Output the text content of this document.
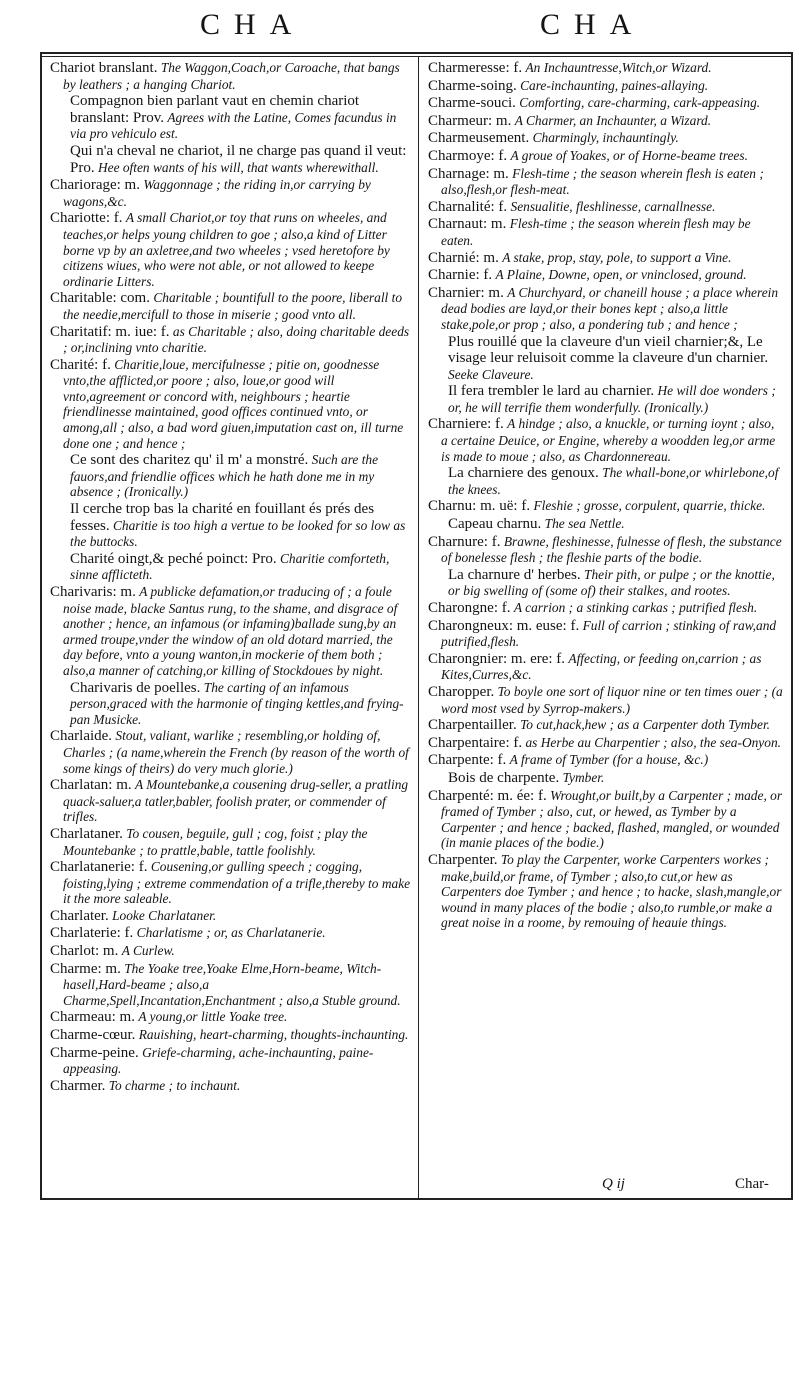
CHA	CHA

Chariot branslant. The Waggon,Coach,or Caroache, that bangs by leathers ; a hanging Chariot.

Compagnon bien parlant vaut en chemin chariot branslant: Prov. Agrees with the Latine, Comes facundus in via pro vehiculo est.

Qui n'a cheval ne chariot, il ne charge pas quand il veut: Pro. Hee often wants of his will, that wants wherewithall.

Chariorage: m. Waggonnage ; the riding in,or carrying by wagons,&c.

Chariotte: f. A small Chariot,or toy that runs on wheeles, and teaches,or helps young children to goe ; also,a kind of Litter borne vp by an axletree,and two wheeles ; vsed heretofore by citizens wiues, who were not able, or not allowed to keepe ordinarie Litters.

Charitable: com. Charitable ; bountifull to the poore, liberall to the needie,mercifull to those in miserie ; good vnto all.

Charitatif: m. iue: f. as Charitable ; also, doing charitable deeds ; or,inclining vnto charitie.

Charité: f. Charitie,loue, mercifulnesse ; pitie on, goodnesse vnto,the afflicted,or poore ; also, loue,or good will vnto,agreement or concord with, neighbours ; heartie friendlinesse maintained, good offices continued vnto, or among,all ; also, a bad word giuen,imputation cast on, ill turne done one ; and hence ;

Ce sont des charitez qu' il m' a monstré. Such are the fauors,and friendlie offices which he hath done me in my absence ; (Ironically.)

Il cerche trop bas la charité en fouillant és prés des fesses. Charitie is too high a vertue to be looked for so low as the buttocks.

Charité oingt,& peché poinct: Pro. Charitie comforteth, sinne afflicteth.

Charivaris: m. A publicke defamation,or traducing of ; a foule noise made, blacke Santus rung, to the shame, and disgrace of another ; hence, an infamous (or infaming)ballade sung,by an armed troupe,vnder the window of an old dotard married, the day before, vnto a young wanton,in mockerie of them both ; also,a manner of catching,or killing of Stockdoues by night.

Charivaris de poelles. The carting of an infamous person,graced with the harmonie of tinging kettles,and frying-pan Musicke.

Charlaide. Stout, valiant, warlike ; resembling,or holding of, Charles ; (a name,wherein the French (by reason of the worth of some kings of theirs) do very much glorie.)

Charlatan: m. A Mountebanke,a cousening drug-seller, a pratling quack-saluer,a tatler,babler, foolish prater, or commender of trifles.

Charlataner. To cousen, beguile, gull ; cog, foist ; play the Mountebanke ; to prattle,bable, tattle foolishly.

Charlatanerie: f. Cousening,or gulling speech ; cogging, foisting,lying ; extreme commendation of a trifle,thereby to make it the more saleable.

Charlater. Looke Charlataner.

Charlaterie: f. Charlatisme ; or, as Charlatanerie.

Charlot: m. A Curlew.

Charme: m. The Yoake tree,Yoake Elme,Horn-beame, Witch-hasell,Hard-beame ; also,a Charme,Spell,Incantation,Enchantment ; also,a Stuble ground.

Charmeau: m. A young,or little Yoake tree.

Charme-cœur. Rauishing, heart-charming, thoughts-inchaunting.

Charme-peine. Griefe-charming, ache-inchaunting, paine-appeasing.

Charmer. To charme ; to inchaunt.

Charmeresse: f. An Inchauntresse,Witch,or Wizard.

Charme-soing. Care-inchaunting, paines-allaying.

Charme-souci. Comforting, care-charming, cark-appeasing.

Charmeur: m. A Charmer, an Inchaunter, a Wizard.

Charmeusement. Charmingly, inchauntingly.

Charmoye: f. A groue of Yoakes, or of Horne-beame trees.

Charnage: m. Flesh-time ; the season wherein flesh is eaten ; also,flesh,or flesh-meat.

Charnalité: f. Sensualitie, fleshlinesse, carnallnesse.

Charnaut: m. Flesh-time ; the season wherein flesh may be eaten.

Charnié: m. A stake, prop, stay, pole, to support a Vine.

Charnie: f. A Plaine, Downe, open, or vninclosed, ground.

Charnier: m. A Churchyard, or chaneill house ; a place wherein dead bodies are layd,or their bones kept ; also,a little stake,pole,or prop ; also, a pondering tub ; and hence ;

Plus rouillé que la claveure d'un vieil charnier;&, Le visage leur reluisoit comme la claveure d'un charnier. Seeke Claveure.

Il fera trembler le lard au charnier. He will doe wonders ; or, he will terrifie them wonderfully. (Ironically.)

Charniere: f. A hindge ; also, a knuckle, or turning ioynt ; also, a certaine Deuice, or Engine, whereby a woodden leg,or arme is made to moue ; also, as Chardonnereau.

La charniere des genoux. The whall-bone,or whirlebone,of the knees.

Charnu: m. uë: f. Fleshie ; grosse, corpulent, quarrie, thicke.

Capeau charnu. The sea Nettle.

Charnure: f. Brawne, fleshinesse, fulnesse of flesh, the substance of bonelesse flesh ; the fleshie parts of the bodie.

La charnure d' herbes. Their pith, or pulpe ; or the knottie, or big swelling of (some of) their stalkes, and rootes.

Charongne: f. A carrion ; a stinking carkas ; putrified flesh.

Charongneux: m. euse: f. Full of carrion ; stinking of raw,and putrified,flesh.

Charongnier: m. ere: f. Affecting, or feeding on,carrion ; as Kites,Curres,&c.

Charopper. To boyle one sort of liquor nine or ten times ouer ; (a word most vsed by Syrrop-makers.)

Charpentailler. To cut,hack,hew ; as a Carpenter doth Tymber.

Charpentaire: f. as Herbe au Charpentier ; also, the sea-Onyon.

Charpente: f. A frame of Tymber (for a house, &c.)

Bois de charpente. Tymber.

Charpenté: m. ée: f. Wrought,or built,by a Carpenter ; made, or framed of Tymber ; also, cut, or hewed, as Tymber by a Carpenter ; and hence ; backed, flashed, mangled, or wounded (in manie places of the bodie.)

Charpenter. To play the Carpenter, worke Carpenters workes ; make,build,or frame, of Tymber ; also,to cut,or hew as Carpenters doe Tymber ; and hence ; to hacke, slash,mangle,or wound in many places of the bodie ; also,to rumble,or make a great noise in a roome, by remouing of heauie things.

Q ij	Char-
